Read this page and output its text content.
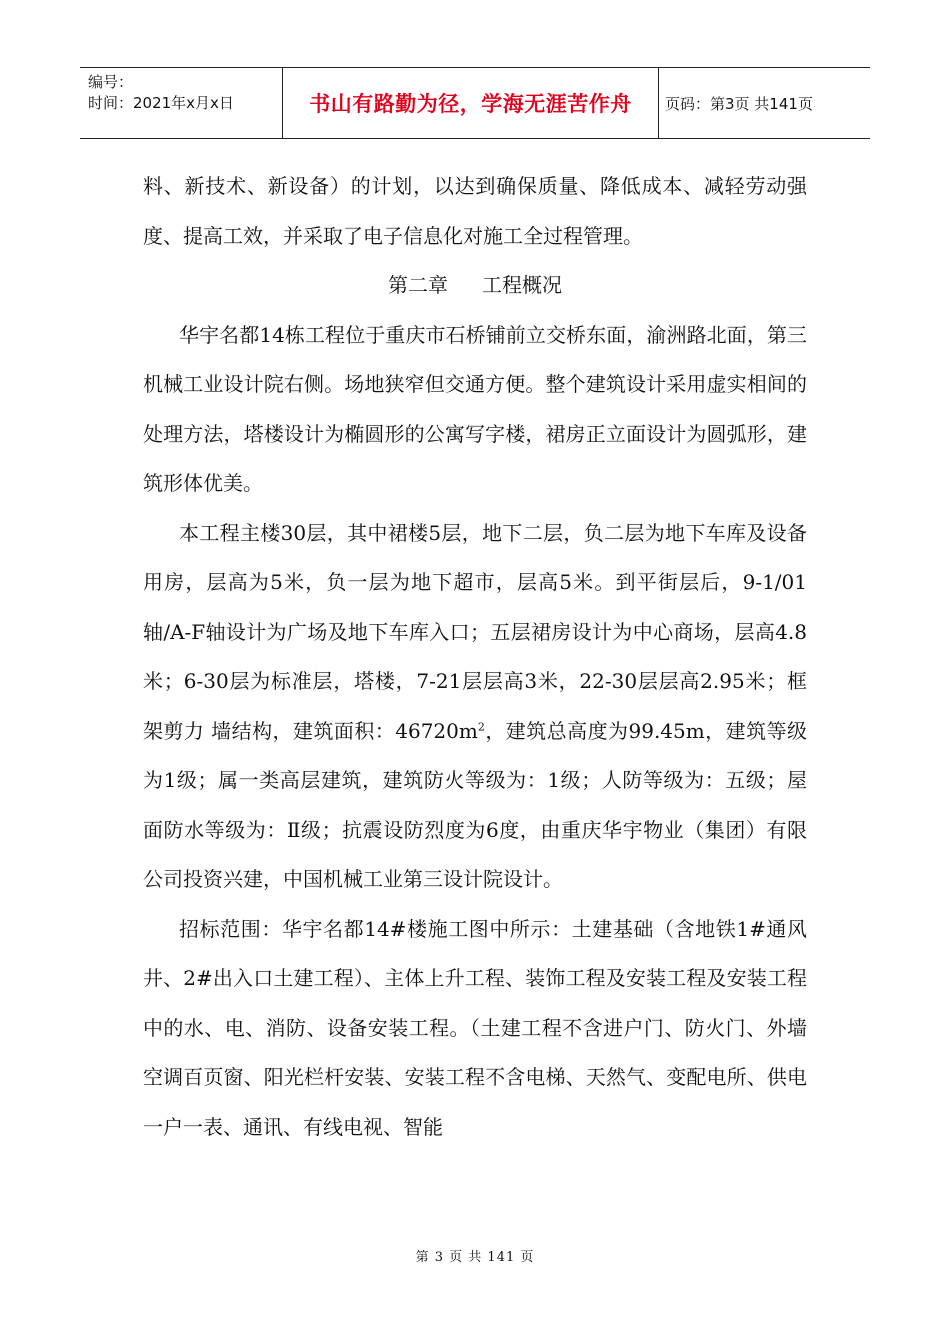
编号：
时间：2021年x月x日	书山有路勤为径，学海无涯苦作舟	页码：第3页 共141页

料、新技术、新设备）的计划，以达到确保质量、降低成本、减轻劳动强度、提高工效，并采取了电子信息化对施工全过程管理。

第二章 工程概况

华宇名都14栋工程位于重庆市石桥铺前立交桥东面，渝洲路北面，第三机械工业设计院右侧。场地狭窄但交通方便。整个建筑设计采用虚实相间的处理方法，塔楼设计为椭圆形的公寓写字楼，裙房正立面设计为圆弧形，建筑形体优美。

本工程主楼30层，其中裙楼5层，地下二层，负二层为地下车库及设备用房，层高为5米，负一层为地下超市，层高5米。到平街层后，9-1/01轴/A-F轴设计为广场及地下车库入口；五层裙房设计为中心商场，层高4.8米；6-30层为标准层，塔楼，7-21层层高3米，22-30层层高2.95米；框架剪力 墙结构，建筑面积：$46720m^2$，建筑总高度为99.45m，建筑等级为1级；属一类高层建筑，建筑防火等级为：1级；人防等级为：五级；屋面防水等级为：Ⅱ级；抗震设防烈度为6度，由重庆华宇物业（集团）有限公司投资兴建，中国机械工业第三设计院设计。

招标范围：华宇名都14#楼施工图中所示：土建基础（含地铁1#通风井、2#出入口土建工程）、主体上升工程、装饰工程及安装工程及安装工程中的水、电、消防、设备安装工程。（土建工程不含进户门、防火门、外墙空调百页窗、阳光栏杆安装、安装工程不含电梯、天然气、变配电所、供电一户一表、通讯、有线电视、智能

第 3 页 共 141 页
